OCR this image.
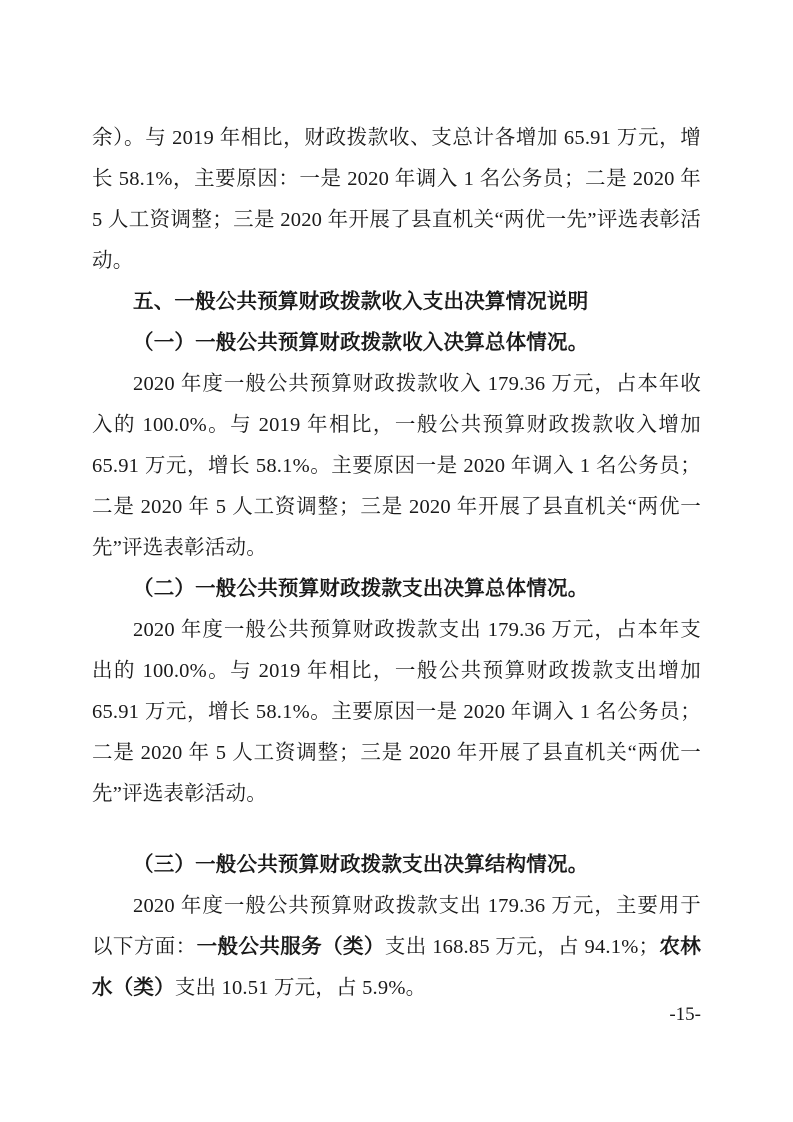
余）。与 2019 年相比，财政拨款收、支总计各增加 65.91 万元，增长 58.1%，主要原因：一是 2020 年调入 1 名公务员；二是 2020 年 5 人工资调整；三是 2020 年开展了县直机关“两优一先”评选表彰活动。

五、一般公共预算财政拨款收入支出决算情况说明

（一）一般公共预算财政拨款收入决算总体情况。

2020 年度一般公共预算财政拨款收入 179.36 万元，占本年收入的 100.0%。与 2019 年相比，一般公共预算财政拨款收入增加 65.91 万元，增长 58.1%。主要原因一是 2020 年调入 1 名公务员；二是 2020 年 5 人工资调整；三是 2020 年开展了县直机关“两优一先”评选表彰活动。

（二）一般公共预算财政拨款支出决算总体情况。

2020 年度一般公共预算财政拨款支出 179.36 万元，占本年支出的 100.0%。与 2019 年相比，一般公共预算财政拨款支出增加 65.91 万元，增长 58.1%。主要原因一是 2020 年调入 1 名公务员；二是 2020 年 5 人工资调整；三是 2020 年开展了县直机关“两优一先”评选表彰活动。

（三）一般公共预算财政拨款支出决算结构情况。

2020 年度一般公共预算财政拨款支出 179.36 万元，主要用于以下方面：一般公共服务（类）支出 168.85 万元，占 94.1%；农林水（类）支出 10.51 万元，占 5.9%。

-15-
